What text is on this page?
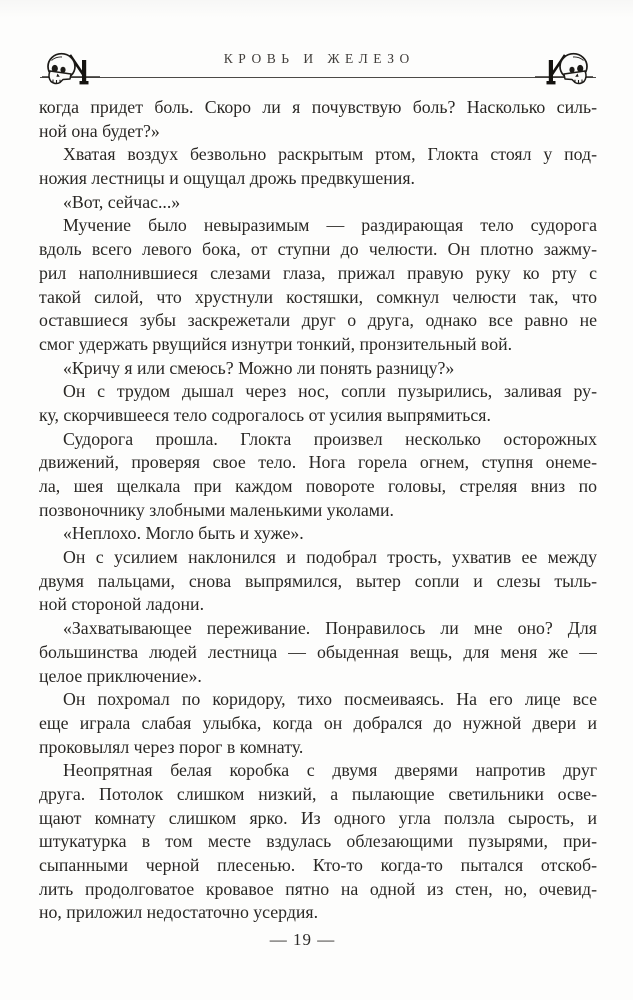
КРОВЬ И ЖЕЛЕЗО
когда придет боль. Скоро ли я почувствую боль? Насколько силь-
ной она будет?»
Хватая воздух безвольно раскрытым ртом, Глокта стоял у под-
ножия лестницы и ощущал дрожь предвкушения.
«Вот, сейчас...»
Мучение было невыразимым — раздирающая тело судорога
вдоль всего левого бока, от ступни до челюсти. Он плотно зажму-
рил наполнившиеся слезами глаза, прижал правую руку ко рту с
такой силой, что хрустнули костяшки, сомкнул челюсти так, что
оставшиеся зубы заскрежетали друг о друга, однако все равно не
смог удержать рвущийся изнутри тонкий, пронзительный вой.
«Кричу я или смеюсь? Можно ли понять разницу?»
Он с трудом дышал через нос, сопли пузырились, заливая ру-
ку, скорчившееся тело содрогалось от усилия выпрямиться.
Судорога прошла. Глокта произвел несколько осторожных
движений, проверяя свое тело. Нога горела огнем, ступня онеме-
ла, шея щелкала при каждом повороте головы, стреляя вниз по
позвоночнику злобными маленькими уколами.
«Неплохо. Могло быть и хуже».
Он с усилием наклонился и подобрал трость, ухватив ее между
двумя пальцами, снова выпрямился, вытер сопли и слезы тыль-
ной стороной ладони.
«Захватывающее переживание. Понравилось ли мне оно? Для
большинства людей лестница — обыденная вещь, для меня же —
целое приключение».
Он похромал по коридору, тихо посмеиваясь. На его лице все
еще играла слабая улыбка, когда он добрался до нужной двери и
проковылял через порог в комнату.
Неопрятная белая коробка с двумя дверями напротив друг
друга. Потолок слишком низкий, а пылающие светильники осве-
щают комнату слишком ярко. Из одного угла ползла сырость, и
штукатурка в том месте вздулась облезающими пузырями, при-
сыпанными черной плесенью. Кто-то когда-то пытался отскоб-
лить продолговатое кровавое пятно на одной из стен, но, очевид-
но, приложил недостаточно усердия.
— 19 —
